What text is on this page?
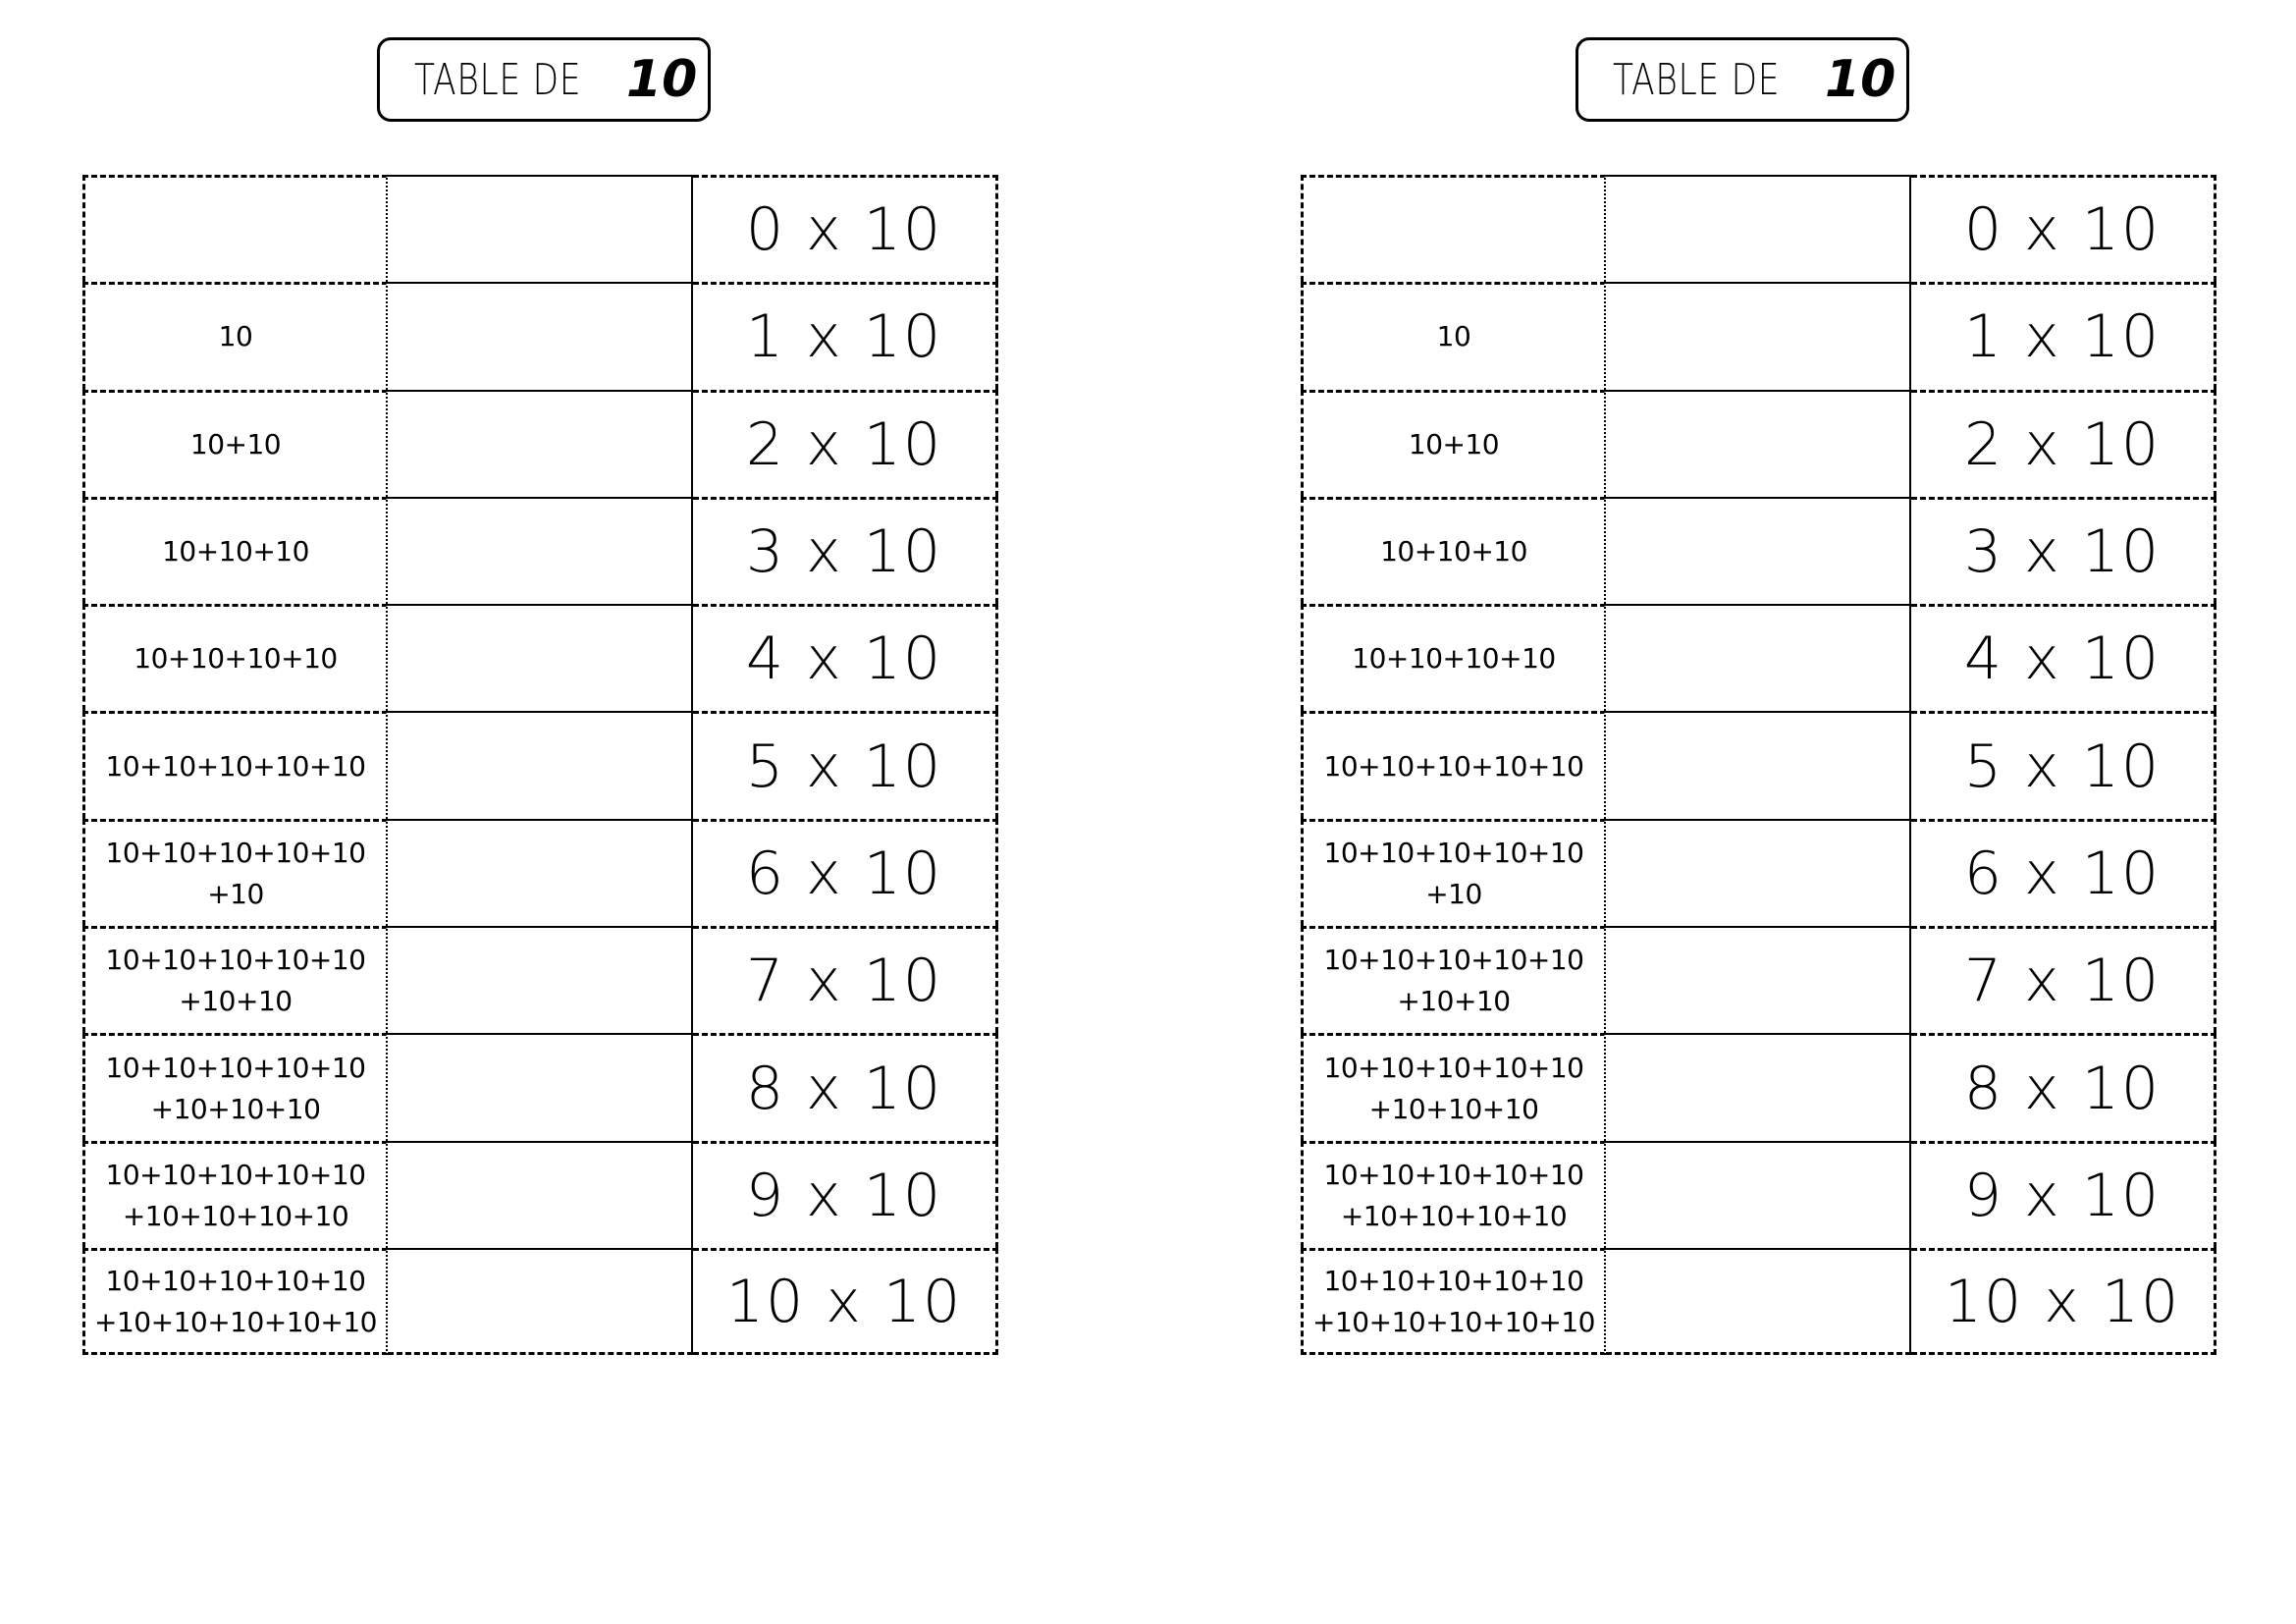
TABLE DE 10
0 x 10
10	1 x 10
10+10	2 x 10
10+10+10	3 x 10
10+10+10+10	4 x 10
10+10+10+10+10	5 x 10
10+10+10+10+10
+10	6 x 10
10+10+10+10+10
+10+10	7 x 10
10+10+10+10+10
+10+10+10	8 x 10
10+10+10+10+10
+10+10+10+10	9 x 10
10+10+10+10+10
+10+10+10+10+10	10 x 10
TABLE DE 10
0 x 10
10	1 x 10
10+10	2 x 10
10+10+10	3 x 10
10+10+10+10	4 x 10
10+10+10+10+10	5 x 10
10+10+10+10+10
+10	6 x 10
10+10+10+10+10
+10+10	7 x 10
10+10+10+10+10
+10+10+10	8 x 10
10+10+10+10+10
+10+10+10+10	9 x 10
10+10+10+10+10
+10+10+10+10+10	10 x 10
